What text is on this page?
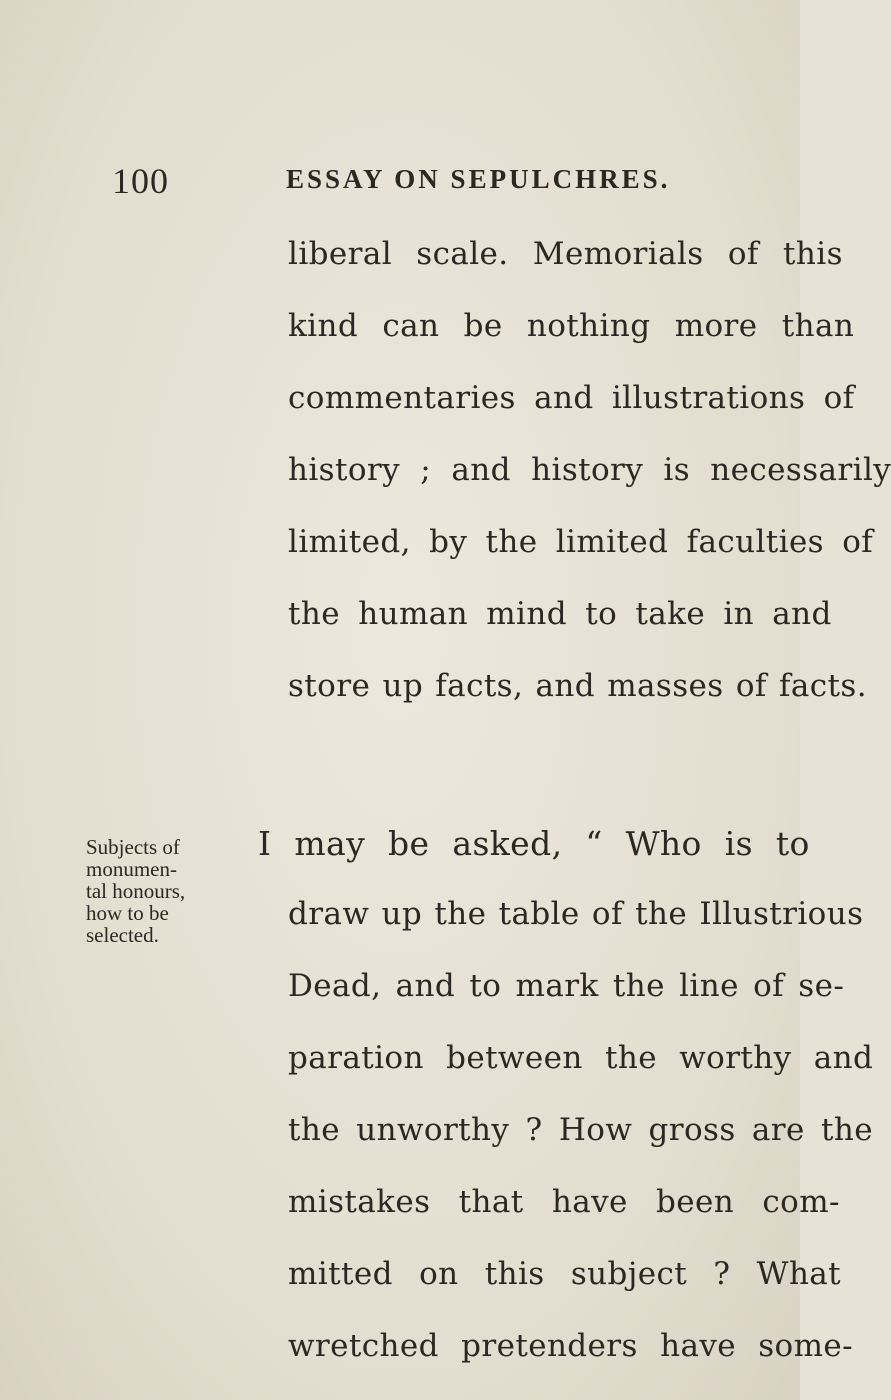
100	ESSAY ON SEPULCHRES.
liberal scale. Memorials of this
kind can be nothing more than
commentaries and illustrations of
history ; and history is necessarily
limited, by the limited faculties of
the human mind to take in and
store up facts, and masses of facts.
Subjects of
monumen-
tal honours,
how to be
selected.
I may be asked, “ Who is to
draw up the table of the Illustrious
Dead, and to mark the line of se-
paration between the worthy and
the unworthy ? How gross are the
mistakes that have been com-
mitted on this subject ? What
wretched pretenders have some-
